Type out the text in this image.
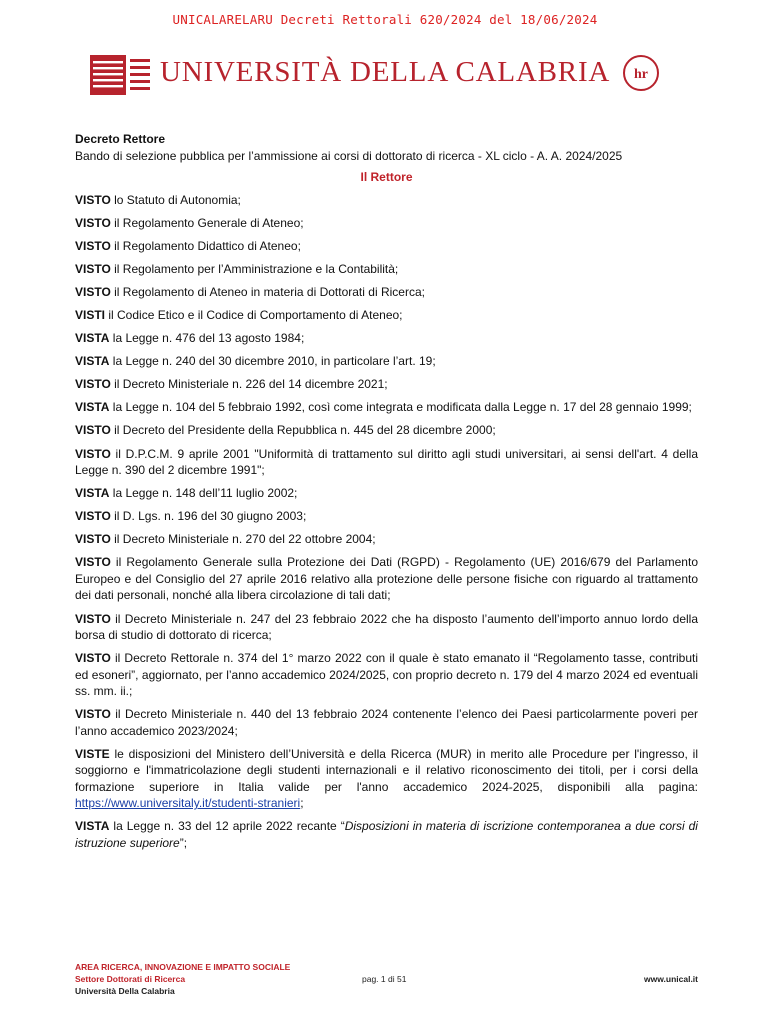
UNICALARELARU Decreti Rettorali 620/2024 del 18/06/2024
UNIVERSITÀ DELLA CALABRIA hr
Decreto Rettore
Bando di selezione pubblica per l’ammissione ai corsi di dottorato di ricerca - XL ciclo - A. A. 2024/2025
Il Rettore

VISTO lo Statuto di Autonomia;

VISTO il Regolamento Generale di Ateneo;

VISTO il Regolamento Didattico di Ateneo;

VISTO il Regolamento per l’Amministrazione e la Contabilità;

VISTO il Regolamento di Ateneo in materia di Dottorati di Ricerca;

VISTI il Codice Etico e il Codice di Comportamento di Ateneo;

VISTA la Legge n. 476 del 13 agosto 1984;

VISTA la Legge n. 240 del 30 dicembre 2010, in particolare l’art. 19;

VISTO il Decreto Ministeriale n. 226 del 14 dicembre 2021;

VISTA la Legge n. 104 del 5 febbraio 1992, così come integrata e modificata dalla Legge n. 17 del 28 gennaio 1999;

VISTO il Decreto del Presidente della Repubblica n. 445 del 28 dicembre 2000;

VISTO il D.P.C.M. 9 aprile 2001 "Uniformità di trattamento sul diritto agli studi universitari, ai sensi dell'art. 4 della Legge n. 390 del 2 dicembre 1991";

VISTA la Legge n. 148 dell’11 luglio 2002;

VISTO il D. Lgs. n. 196 del 30 giugno 2003;

VISTO il Decreto Ministeriale n. 270 del 22 ottobre 2004;

VISTO il Regolamento Generale sulla Protezione dei Dati (RGPD) - Regolamento (UE) 2016/679 del Parlamento Europeo e del Consiglio del 27 aprile 2016 relativo alla protezione delle persone fisiche con riguardo al trattamento dei dati personali, nonché alla libera circolazione di tali dati;

VISTO il Decreto Ministeriale n. 247 del 23 febbraio 2022 che ha disposto l’aumento dell’importo annuo lordo della borsa di studio di dottorato di ricerca;

VISTO il Decreto Rettorale n. 374 del 1° marzo 2022 con il quale è stato emanato il “Regolamento tasse, contributi ed esoneri”, aggiornato, per l’anno accademico 2024/2025, con proprio decreto n. 179 del 4 marzo 2024 ed eventuali ss. mm. ii.;

VISTO il Decreto Ministeriale n. 440 del 13 febbraio 2024 contenente l’elenco dei Paesi particolarmente poveri per l’anno accademico 2023/2024;

VISTE le disposizioni del Ministero dell’Università e della Ricerca (MUR) in merito alle Procedure per l'ingresso, il soggiorno e l'immatricolazione degli studenti internazionali e il relativo riconoscimento dei titoli, per i corsi della formazione superiore in Italia valide per l'anno accademico 2024-2025, disponibili alla pagina: https://www.universitaly.it/studenti-stranieri;

VISTA la Legge n. 33 del 12 aprile 2022 recante “Disposizioni in materia di iscrizione contemporanea a due corsi di istruzione superiore”;

AREA RICERCA, INNOVAZIONE E IMPATTO SOCIALE
Settore Dottorati di Ricerca
Università Della Calabria
pag. 1 di 51	www.unical.it
